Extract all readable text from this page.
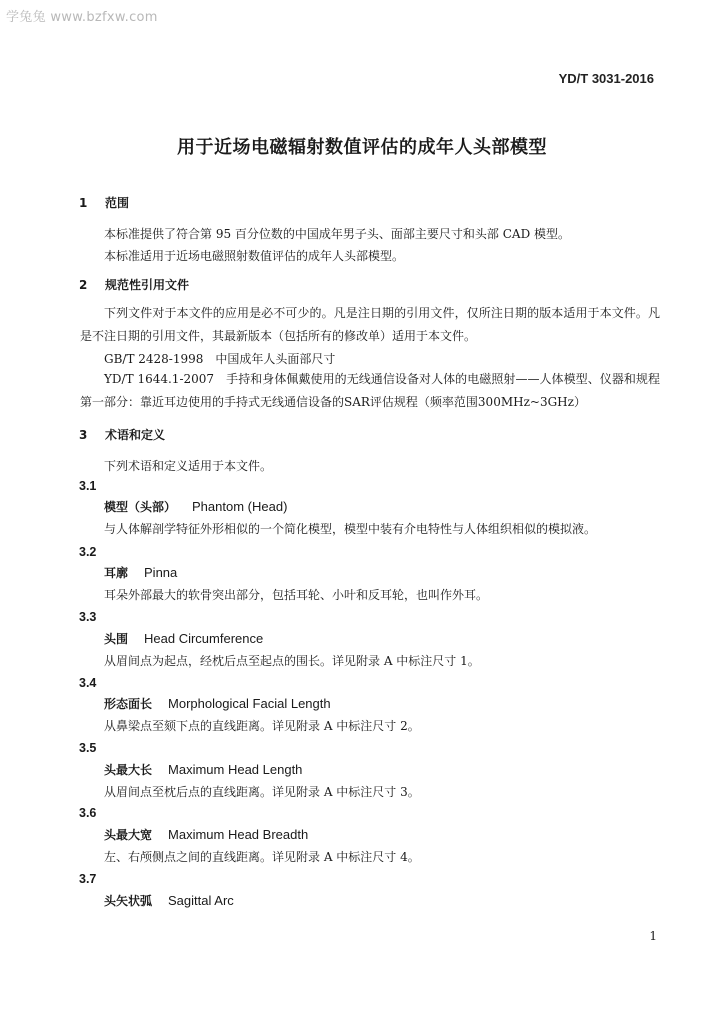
学兔兔 www.bzfxw.com
YD/T 3031-2016
用于近场电磁辐射数值评估的成年人头部模型
1 范围
本标准提供了符合第 95 百分位数的中国成年男子头、面部主要尺寸和头部 CAD 模型。
本标准适用于近场电磁照射数值评估的成年人头部模型。
2 规范性引用文件
下列文件对于本文件的应用是必不可少的。凡是注日期的引用文件，仅所注日期的版本适用于本文件。凡是不注日期的引用文件，其最新版本（包括所有的修改单）适用于本文件。
GB/T 2428-1998　中国成年人头面部尺寸
YD/T 1644.1-2007　手持和身体佩戴使用的无线通信设备对人体的电磁照射——人体模型、仪器和规程 第一部分：靠近耳边使用的手持式无线通信设备的SAR评估规程（频率范围300MHz~3GHz）
3 术语和定义
下列术语和定义适用于本文件。
3.1
模型（头部） Phantom (Head)
与人体解剖学特征外形相似的一个简化模型，模型中装有介电特性与人体组织相似的模拟液。
3.2
耳廓 Pinna
耳朵外部最大的软骨突出部分，包括耳轮、小叶和反耳轮，也叫作外耳。
3.3
头围 Head Circumference
从眉间点为起点，经枕后点至起点的围长。详见附录 A 中标注尺寸 1。
3.4
形态面长 Morphological Facial Length
从鼻梁点至颏下点的直线距离。详见附录 A 中标注尺寸 2。
3.5
头最大长 Maximum Head Length
从眉间点至枕后点的直线距离。详见附录 A 中标注尺寸 3。
3.6
头最大宽 Maximum Head Breadth
左、右颅侧点之间的直线距离。详见附录 A 中标注尺寸 4。
3.7
头矢状弧 Sagittal Arc
1
